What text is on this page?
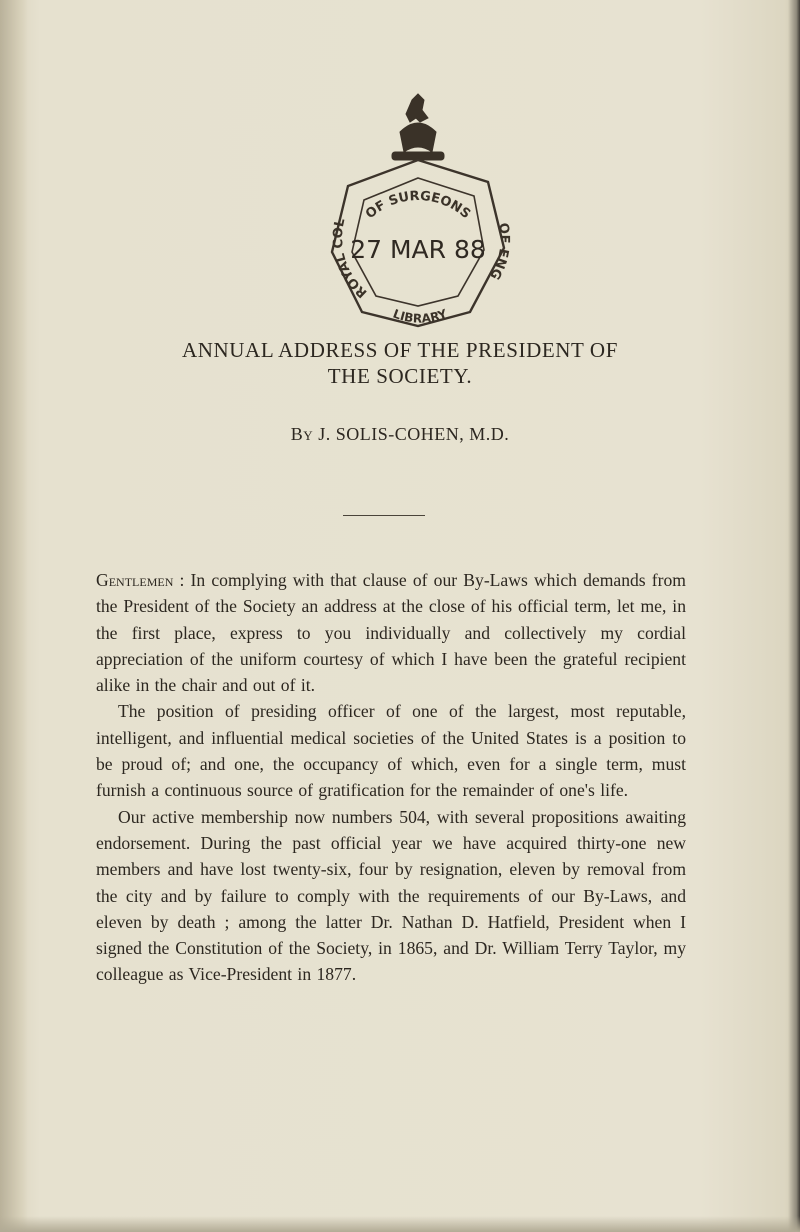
OF SURGEONS
ROYAL COL	OF ENG
LIBRARY
27 MAR 88
ANNUAL ADDRESS OF THE PRESIDENT OF
THE SOCIETY.
By J. SOLIS-COHEN, M.D.

Gentlemen : In complying with that clause of our By-Laws which demands from the President of the Society an address at the close of his official term, let me, in the first place, express to you individually and collectively my cordial appreciation of the uniform courtesy of which I have been the grateful recipient alike in the chair and out of it.

The position of presiding officer of one of the largest, most reputable, intelligent, and influential medical societies of the United States is a position to be proud of; and one, the occupancy of which, even for a single term, must furnish a continuous source of gratification for the remainder of one's life.

Our active membership now numbers 504, with several propositions awaiting endorsement. During the past official year we have acquired thirty-one new members and have lost twenty-six, four by resignation, eleven by removal from the city and by failure to comply with the requirements of our By-Laws, and eleven by death ; among the latter Dr. Nathan D. Hatfield, President when I signed the Constitution of the Society, in 1865, and Dr. William Terry Taylor, my colleague as Vice-President in 1877.
